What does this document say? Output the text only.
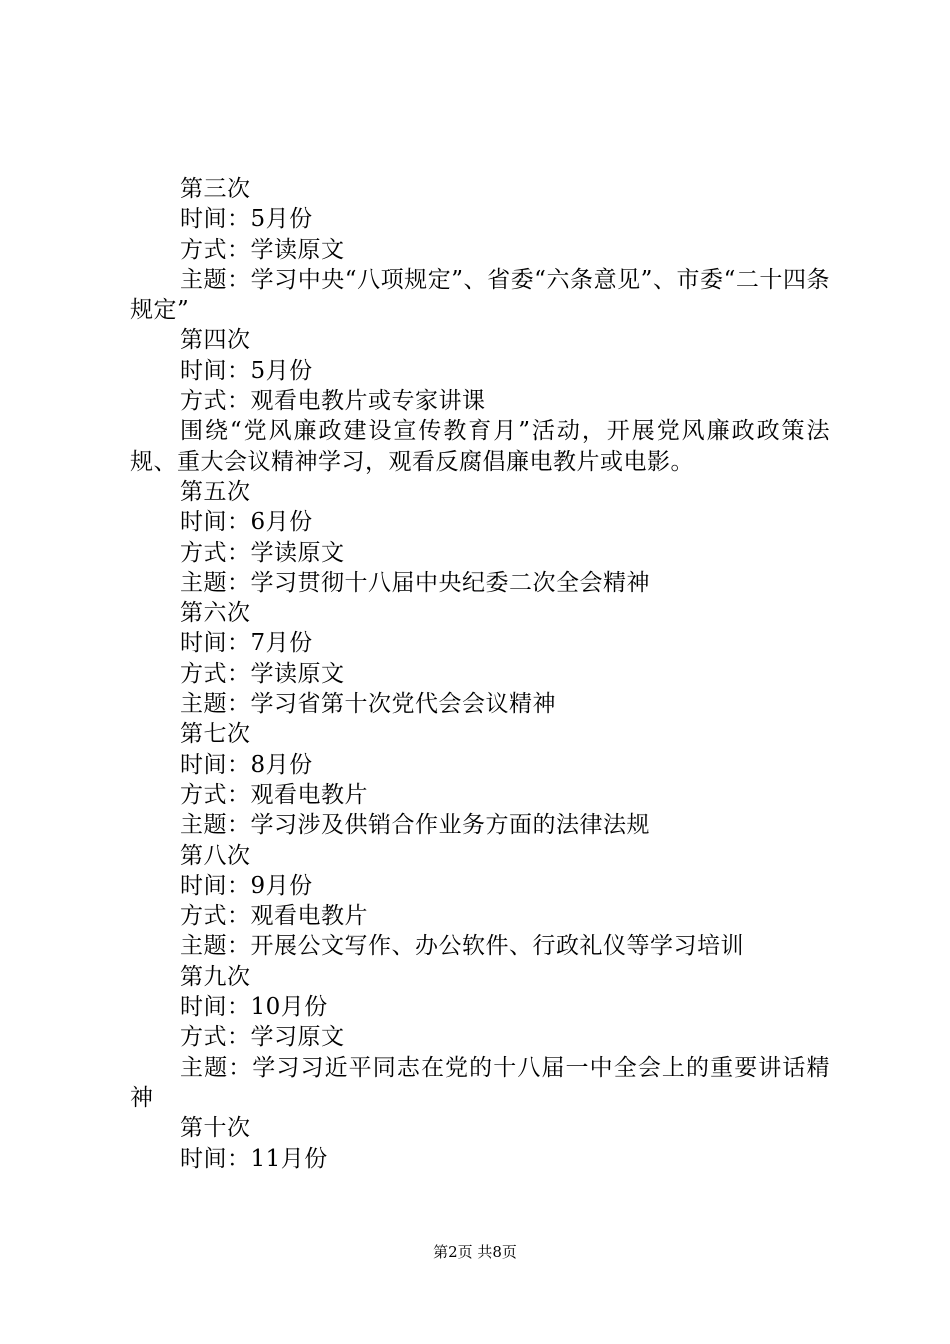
第三次
时间：5月份
方式：学读原文
主题：学习中央“八项规定”、省委“六条意见”、市委“二十四条规定”
第四次
时间：5月份
方式：观看电教片或专家讲课
围绕“党风廉政建设宣传教育月”活动，开展党风廉政政策法规、重大会议精神学习，观看反腐倡廉电教片或电影。
第五次
时间：6月份
方式：学读原文
主题：学习贯彻十八届中央纪委二次全会精神
第六次
时间：7月份
方式：学读原文
主题：学习省第十次党代会会议精神
第七次
时间：8月份
方式：观看电教片
主题：学习涉及供销合作业务方面的法律法规
第八次
时间：9月份
方式：观看电教片
主题：开展公文写作、办公软件、行政礼仪等学习培训
第九次
时间：10月份
方式：学习原文
主题：学习习近平同志在党的十八届一中全会上的重要讲话精神
第十次
时间：11月份
第2页 共8页
